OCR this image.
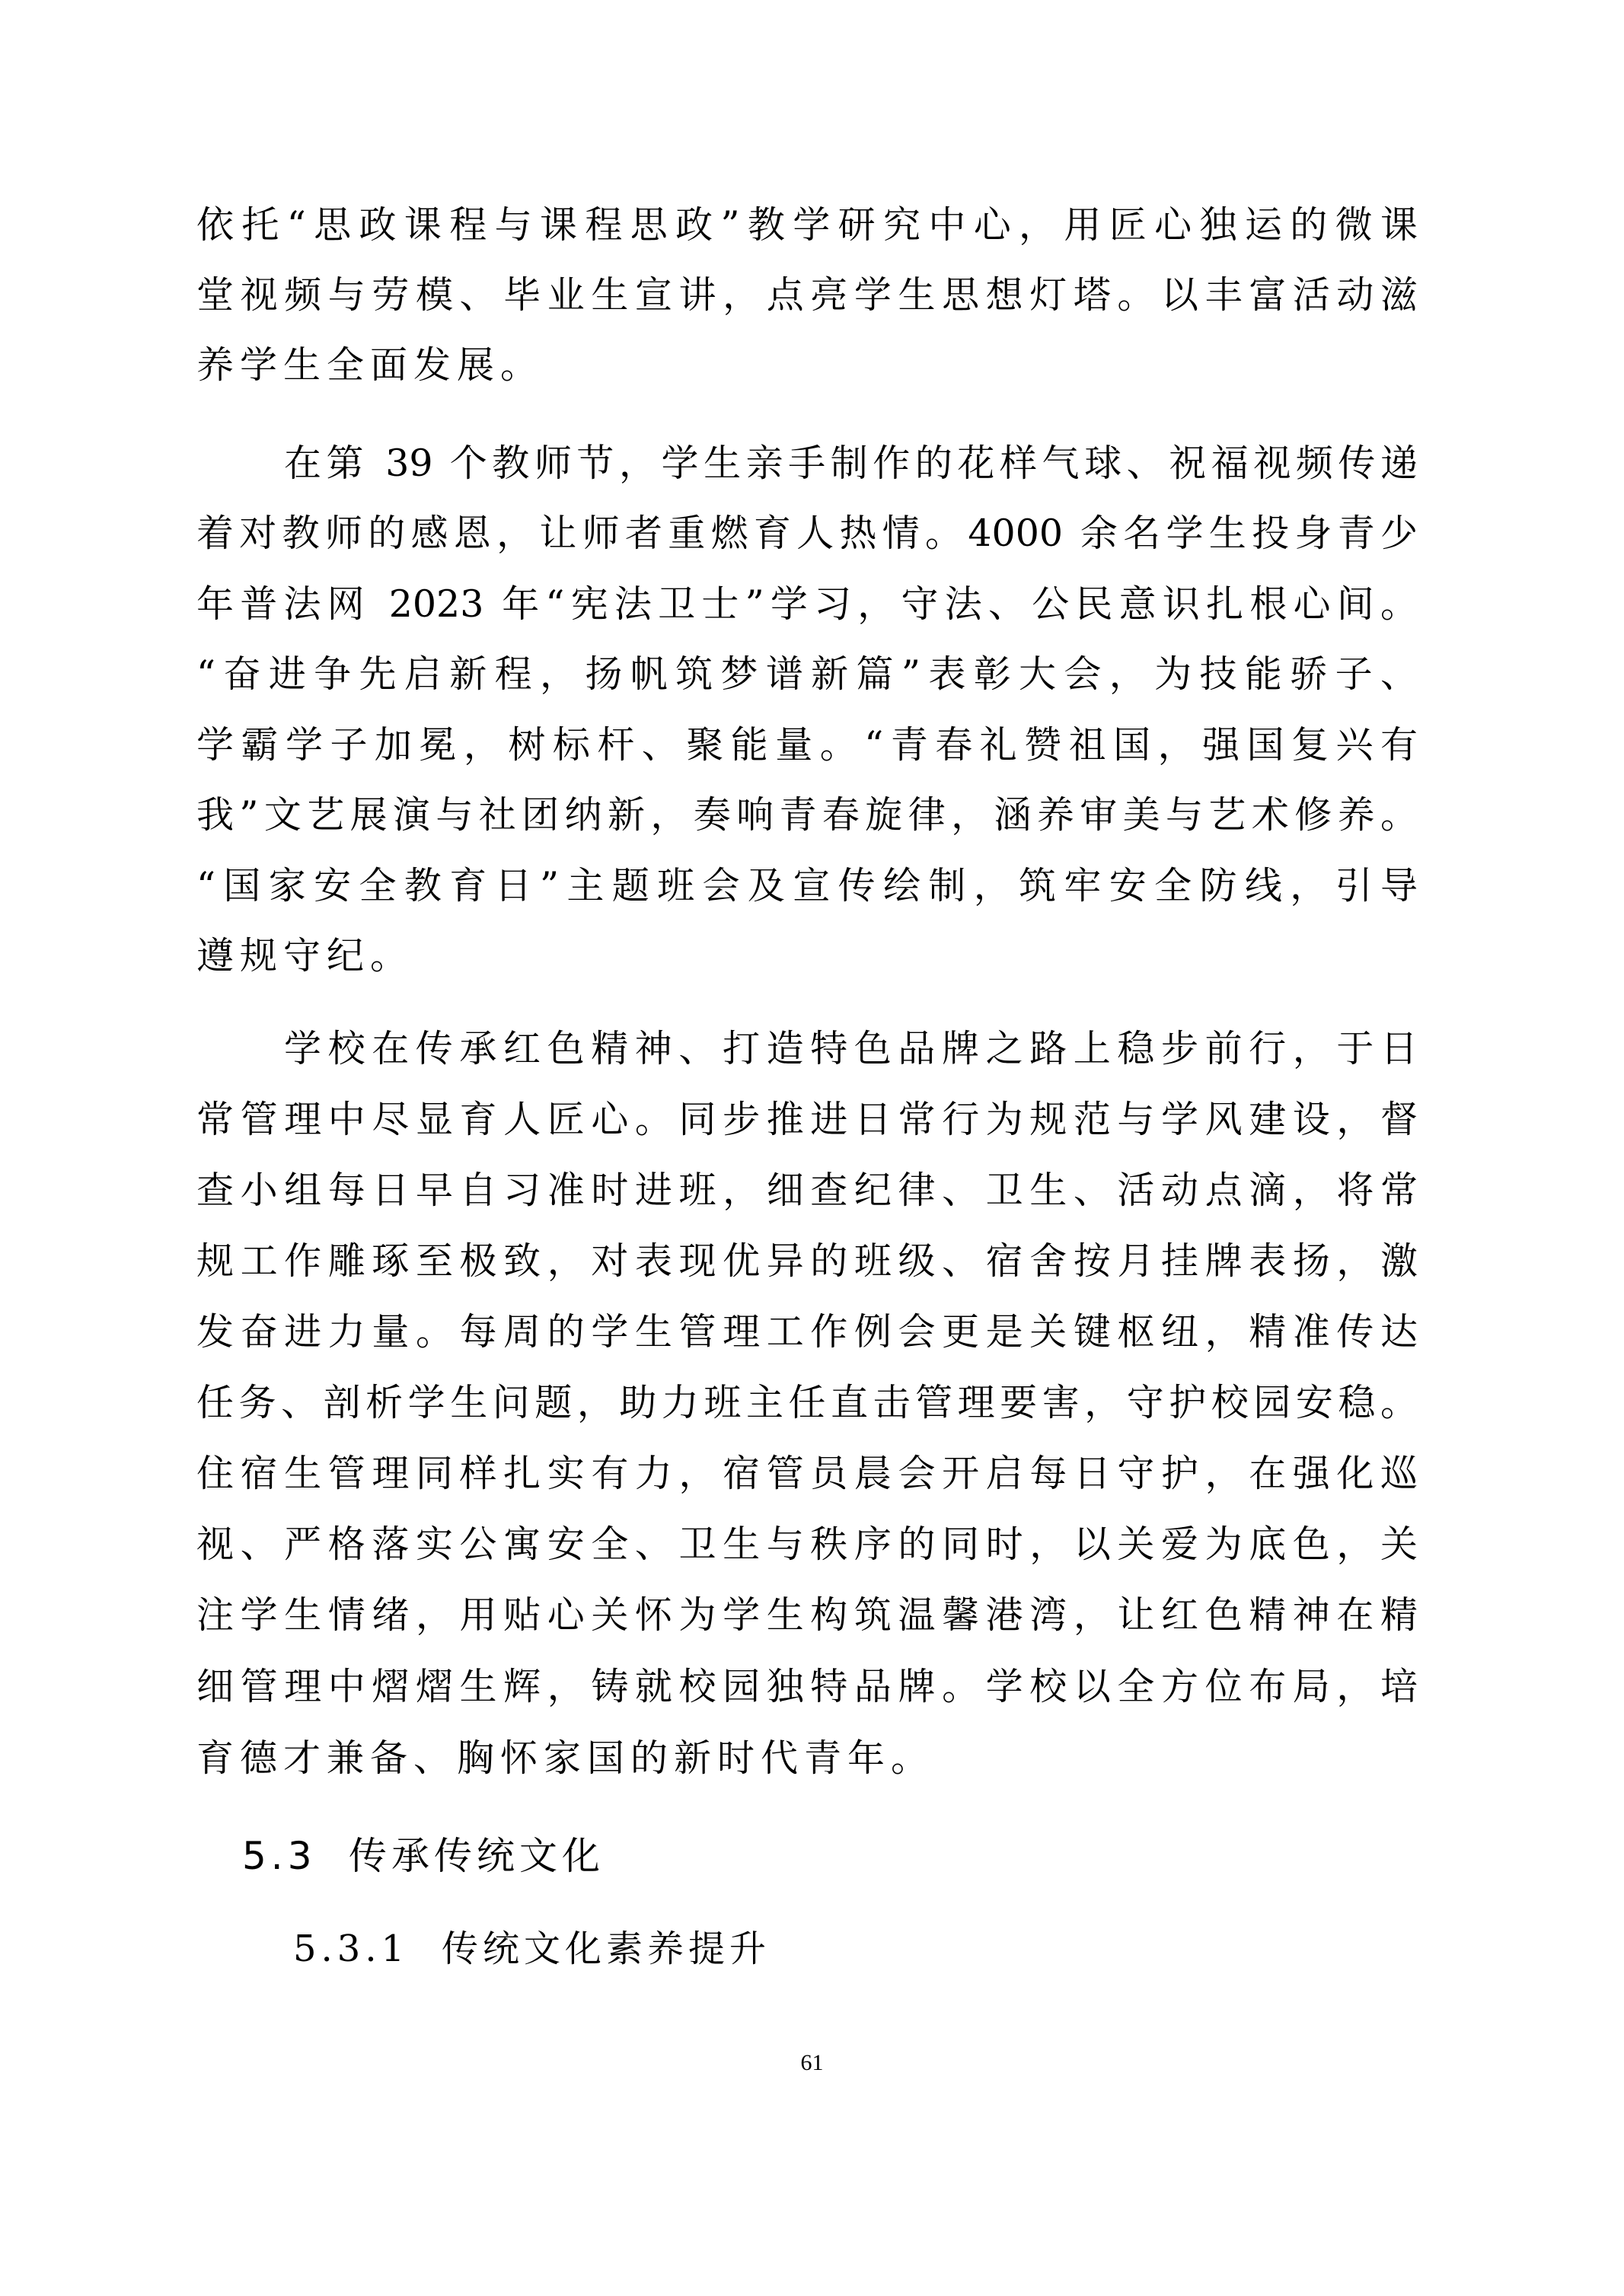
依托“思政课程与课程思政”教学研究中心，用匠心独运的微课
堂视频与劳模、毕业生宣讲，点亮学生思想灯塔。以丰富活动滋
养学生全面发展。
在第 39 个教师节，学生亲手制作的花样气球、祝福视频传递
着对教师的感恩，让师者重燃育人热情。4000 余名学生投身青少
年普法网 2023 年“宪法卫士”学习，守法、公民意识扎根心间。
“奋进争先启新程，扬帆筑梦谱新篇”表彰大会，为技能骄子、
学霸学子加冕，树标杆、聚能量。“青春礼赞祖国，强国复兴有
我”文艺展演与社团纳新，奏响青春旋律，涵养审美与艺术修养。
“国家安全教育日”主题班会及宣传绘制，筑牢安全防线，引导
遵规守纪。
学校在传承红色精神、打造特色品牌之路上稳步前行，于日
常管理中尽显育人匠心。同步推进日常行为规范与学风建设，督
查小组每日早自习准时进班，细查纪律、卫生、活动点滴，将常
规工作雕琢至极致，对表现优异的班级、宿舍按月挂牌表扬，激
发奋进力量。每周的学生管理工作例会更是关键枢纽，精准传达
任务、剖析学生问题，助力班主任直击管理要害，守护校园安稳。
住宿生管理同样扎实有力，宿管员晨会开启每日守护，在强化巡
视、严格落实公寓安全、卫生与秩序的同时，以关爱为底色，关
注学生情绪，用贴心关怀为学生构筑温馨港湾，让红色精神在精
细管理中熠熠生辉，铸就校园独特品牌。学校以全方位布局，培
育德才兼备、胸怀家国的新时代青年。
5.3 传承传统文化
5.3.1 传统文化素养提升
61
